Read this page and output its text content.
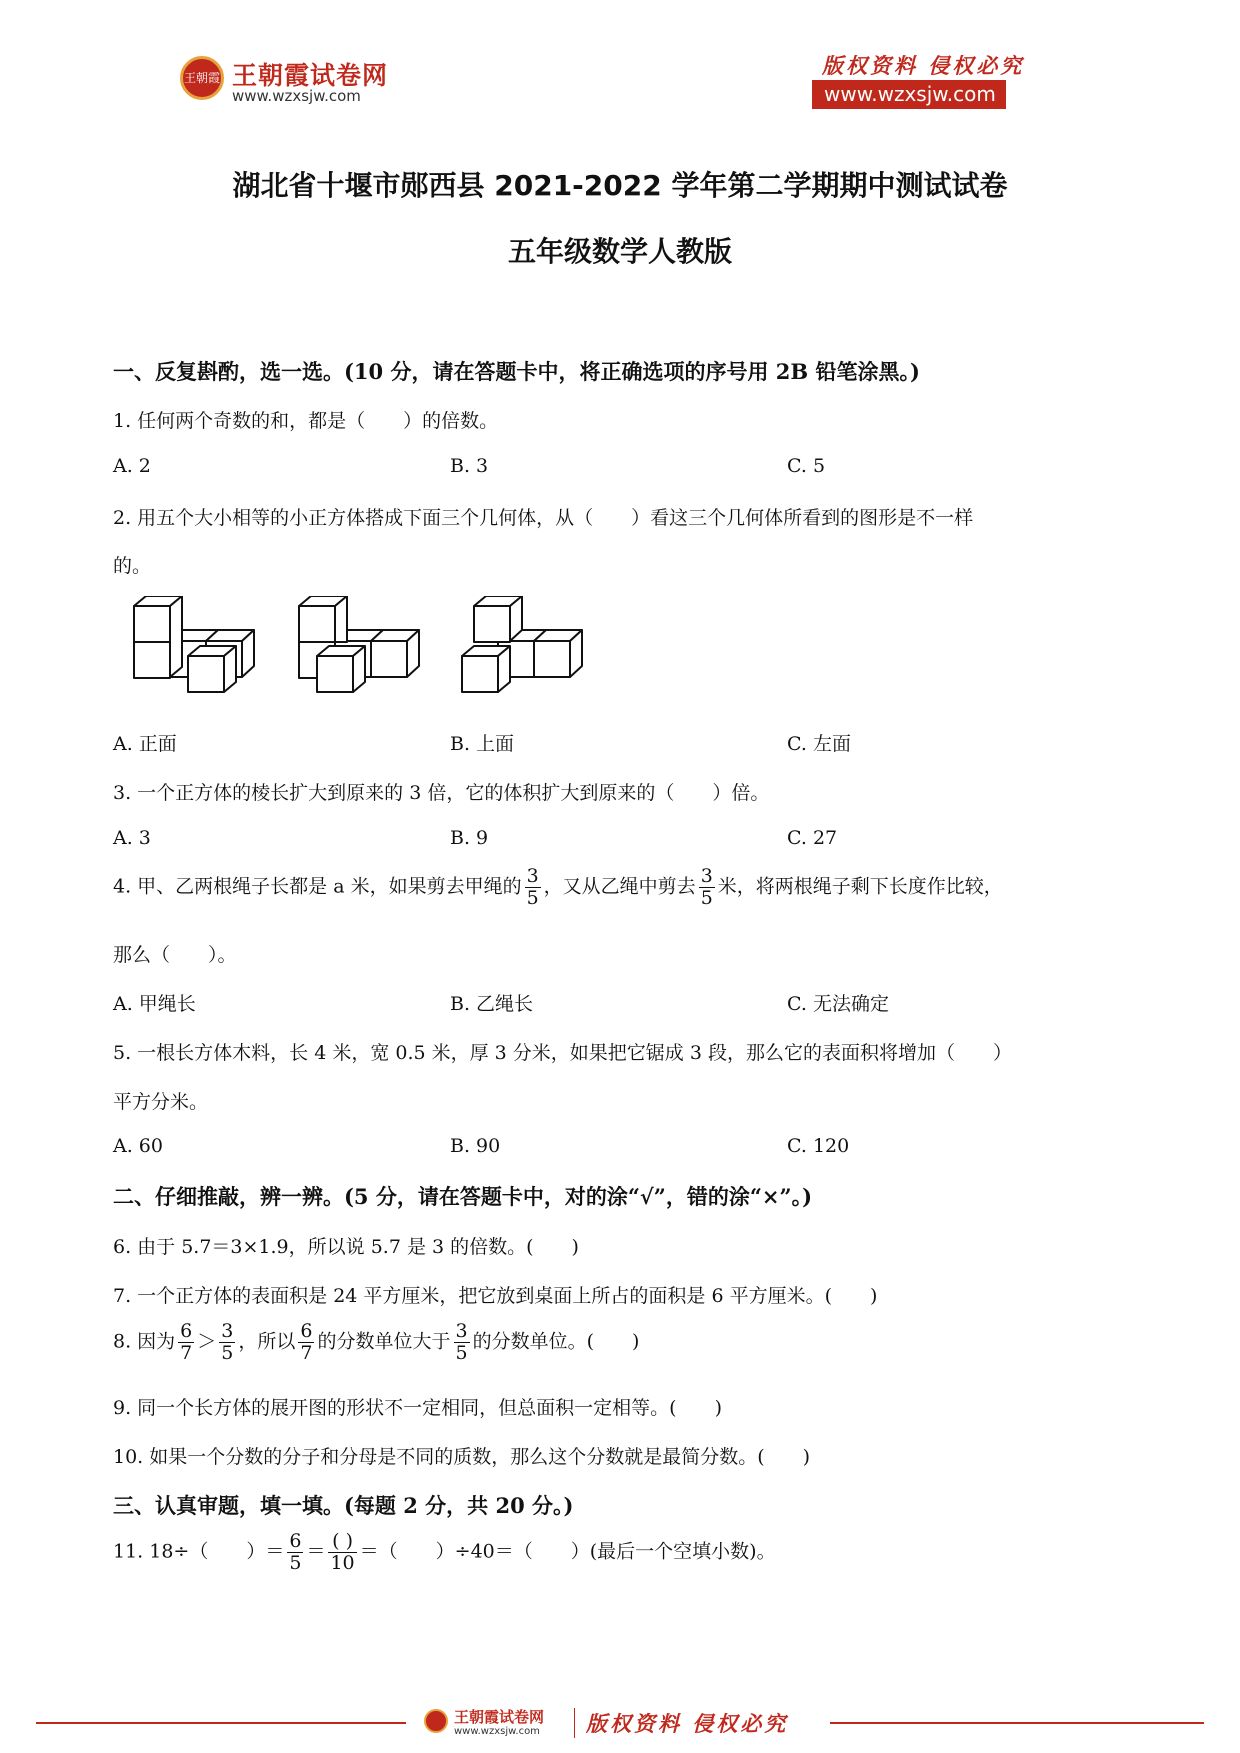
王朝霞 王朝霞试卷网
www.wzxsjw.com
版权资料 侵权必究
www.wzxsjw.com
湖北省十堰市郧西县 2021-2022 学年第二学期期中测试试卷
五年级数学人教版
一、反复斟酌，选一选。(10 分，请在答题卡中，将正确选项的序号用 2B 铅笔涂黑。)
1. 任何两个奇数的和，都是（　　）的倍数。
A. 2	B. 3	C. 5
2. 用五个大小相等的小正方体搭成下面三个几何体，从（　　）看这三个几何体所看到的图形是不一样
的。
A. 正面	B. 上面	C. 左面
3. 一个正方体的棱长扩大到原来的 3 倍，它的体积扩大到原来的（　　）倍。
A. 3	B. 9	C. 27
4. 甲、乙两根绳子长都是 a 米，如果剪去甲绳的 $\frac{3}{5}$ ，又从乙绳中剪去 $\frac{3}{5}$ 米，将两根绳子剩下长度作比较，
那么（　　）。
A. 甲绳长	B. 乙绳长	C. 无法确定
5. 一根长方体木料，长 4 米，宽 0.5 米，厚 3 分米，如果把它锯成 3 段，那么它的表面积将增加（　　）
平方分米。
A. 60	B. 90	C. 120
二、仔细推敲，辨一辨。(5 分，请在答题卡中，对的涂“√”，错的涂“×”。)
6. 由于 5.7＝3×1.9，所以说 5.7 是 3 的倍数。(　　)
7. 一个正方体的表面积是 24 平方厘米，把它放到桌面上所占的面积是 6 平方厘米。(　　)
8. 因为 $\frac{6}{7} > \frac{3}{5}$ ，所以 $\frac{6}{7}$ 的分数单位大于 $\frac{3}{5}$ 的分数单位。(　　)
9. 同一个长方体的展开图的形状不一定相同，但总面积一定相等。(　　)
10. 如果一个分数的分子和分母是不同的质数，那么这个分数就是最简分数。(　　)
三、认真审题，填一填。(每题 2 分，共 20 分。)
11. 18÷（　　）＝ $\frac{6}{5} = \frac{( )}{10}$ ＝（　　）÷40＝（　　）(最后一个空填小数)。
王朝霞试卷网
www.wzxsjw.com 版权资料 侵权必究
